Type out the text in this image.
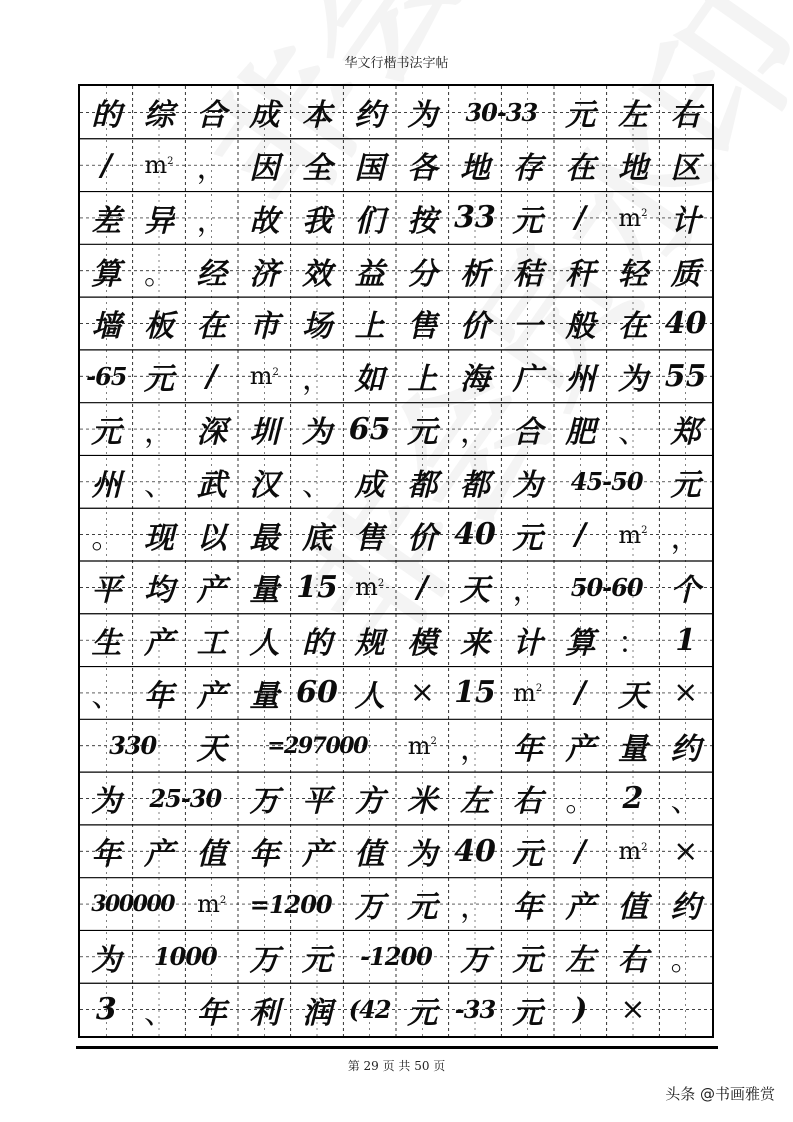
华文行楷书法字帖
的 综 合 成 本 约 为	30-33 元 左 右
/	$m^2$ ， 因 全 国 各 地 存 在 地 区
差 异 ， 故 我 们 按 33 元	/	$m^2$ 计
算 。 经 济 效 益 分 析 秸 秆 轻 质
墙 板 在 市 场 上 售 价 一 般 在 40
-65 元	/	$m^2$ ， 如 上 海 广 州 为 55
元 ， 深 圳 为 65 元 ， 合 肥 、 郑
州 、 武 汉 、 成 都 都 为	45-50 元
。 现 以 最 底 售 价 40 元	/	$m^2$ ，
平 均 产 量 15 $m^2$	/	天 ，	50-60 个
生 产 工 人 的 规 模 来 计 算 ： 1
、 年 产 量 60 人 × 15 $m^2$	/	天 ×
330	天	=297000	$m^2$ ， 年 产 量 约
为	25-30 万 平 方 米 左 右 。 2 、
年 产 值 年 产 值 为 40 元	/	$m^2$ ×
300000 $m^2 =1200$ 万 元 ， 年 产 值 约
为	1000	万 元	-1200 万 元 左 右 。
3 、 年 利 润 (42 元 -33 元	)	×
第 29 页 共 50 页
头条 @书画雅赏
